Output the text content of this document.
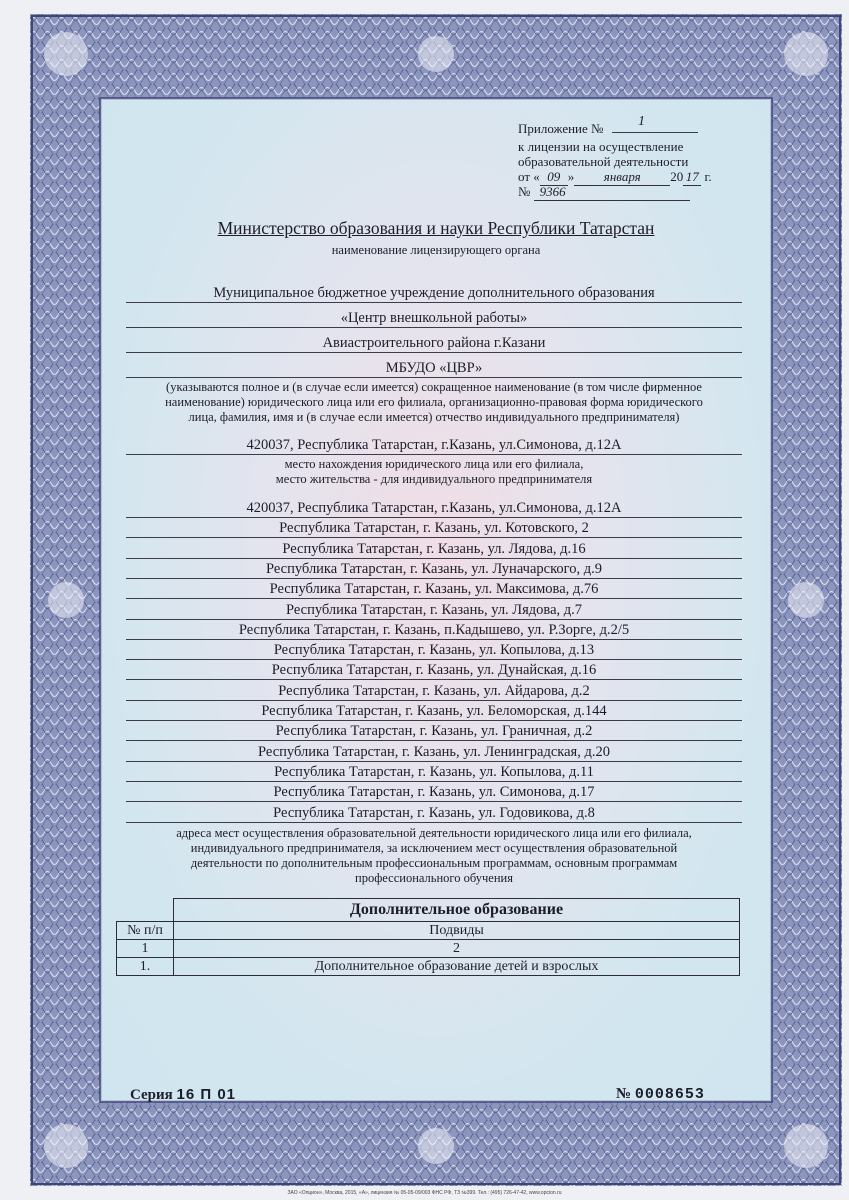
Приложение № 1
к лицензии на осуществление
образовательной деятельности
от « 09 » января 20 17 г.
№ 9366
Министерство образования и науки Республики Татарстан
наименование лицензирующего органа
Муниципальное бюджетное учреждение дополнительного образования
«Центр внешкольной работы»
Авиастроительного района г.Казани
МБУДО «ЦВР»
(указываются полное и (в случае если имеется) сокращенное наименование (в том числе фирменное
наименование) юридического лица или его филиала, организационно-правовая форма юридического
лица, фамилия, имя и (в случае если имеется) отчество индивидуального предпринимателя)
420037, Республика Татарстан, г.Казань, ул.Симонова, д.12А
место нахождения юридического лица или его филиала,
место жительства - для индивидуального предпринимателя
420037, Республика Татарстан, г.Казань, ул.Симонова, д.12А
Республика Татарстан, г. Казань, ул. Котовского, 2
Республика Татарстан, г. Казань, ул. Лядова, д.16
Республика Татарстан, г. Казань, ул. Луначарского, д.9
Республика Татарстан, г. Казань, ул. Максимова, д.76
Республика Татарстан, г. Казань, ул. Лядова, д.7
Республика Татарстан, г. Казань, п.Кадышево, ул. Р.Зорге, д.2/5
Республика Татарстан, г. Казань, ул. Копылова, д.13
Республика Татарстан, г. Казань, ул. Дунайская, д.16
Республика Татарстан, г. Казань, ул. Айдарова, д.2
Республика Татарстан, г. Казань, ул. Беломорская, д.144
Республика Татарстан, г. Казань, ул. Граничная, д.2
Республика Татарстан, г. Казань, ул. Ленинградская, д.20
Республика Татарстан, г. Казань, ул. Копылова, д.11
Республика Татарстан, г. Казань, ул. Симонова, д.17
Республика Татарстан, г. Казань, ул. Годовикова, д.8
адреса мест осуществления образовательной деятельности юридического лица или его филиала,
индивидуального предпринимателя, за исключением мест осуществления образовательной
деятельности по дополнительным профессиональным программам, основным программам
профессионального обучения
	Дополнительное образование
№ п/п	Подвиды
1	2
1.	Дополнительное образование детей и взрослых
Серия 16 П 01	№ 0008653
ЗАО «Опцион», Москва, 2015, «А», лицензия № 05-05-09/003 ФНС РФ, ТЗ №399. Тел.: (495) 726-47-42, www.opcion.ru
